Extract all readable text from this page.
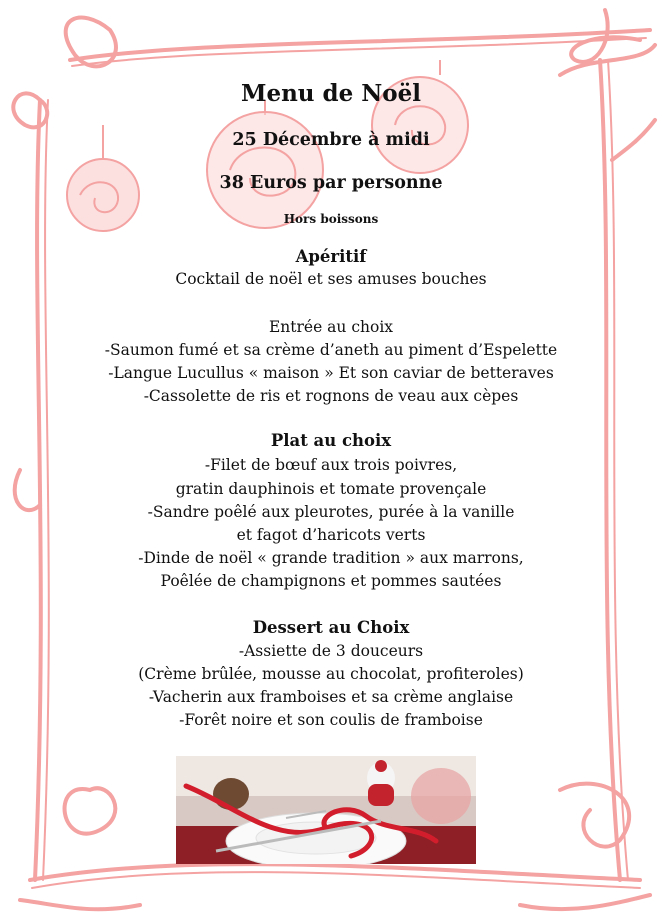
Menu de Noël
25 Décembre à midi
38 Euros par personne
Hors boissons
Apéritif
Cocktail de noël et ses amuses bouches
Entrée au choix
-Saumon fumé et sa crème d’aneth au piment d’Espelette
-Langue Lucullus « maison » Et son caviar de betteraves
-Cassolette de ris et rognons de veau aux cèpes
Plat au choix
-Filet de bœuf aux trois poivres,
gratin dauphinois et tomate provençale
-Sandre poêlé aux pleurotes, purée à la vanille
et fagot d’haricots verts
-Dinde de noël « grande tradition » aux marrons,
Poêlée de champignons et pommes sautées
Dessert au Choix
-Assiette de 3 douceurs
(Crème brûlée, mousse au chocolat, profiteroles)
-Vacherin aux framboises et sa crème anglaise
-Forêt noire et son coulis de framboise
